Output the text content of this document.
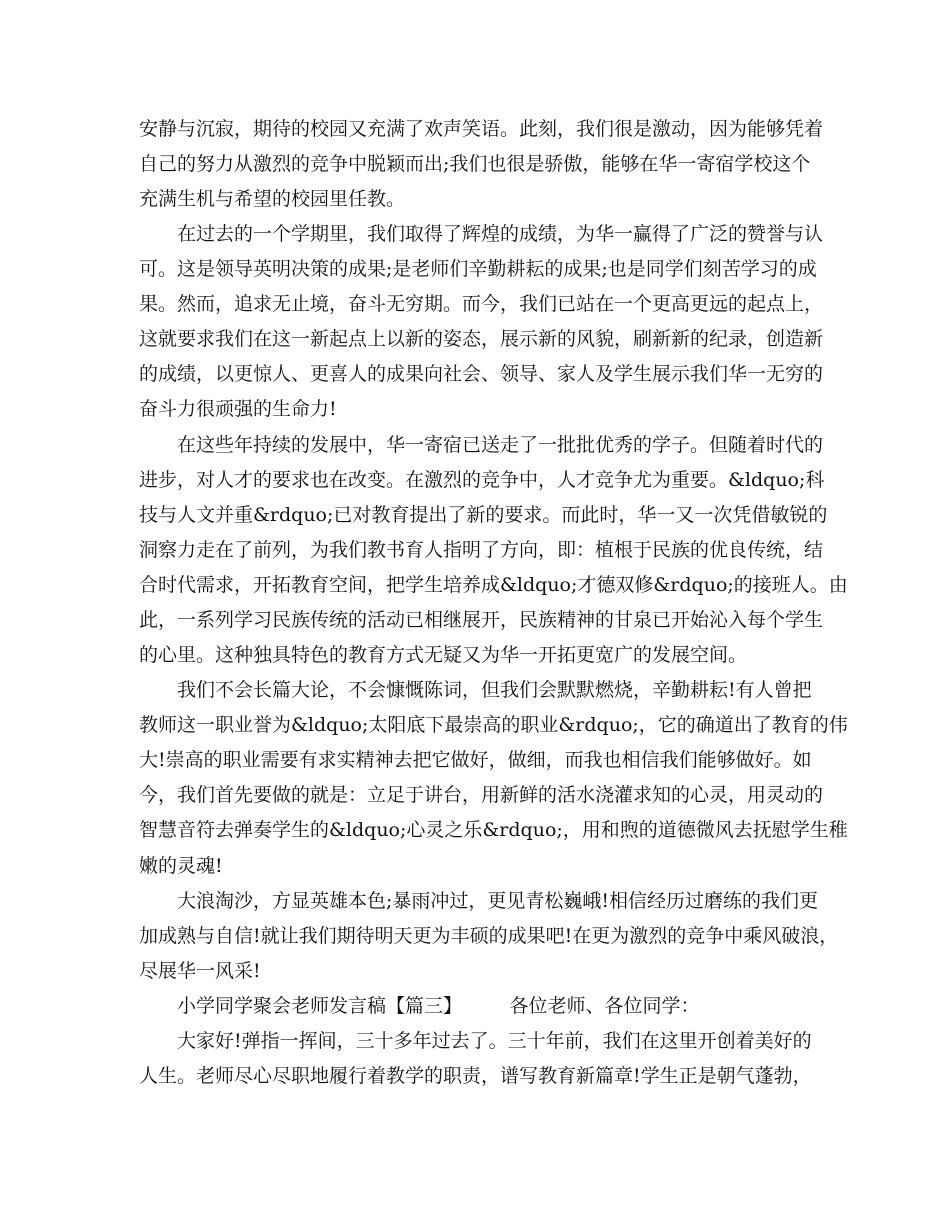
安静与沉寂，期待的校园又充满了欢声笑语。此刻，我们很是激动，因为能够凭着
自己的努力从激烈的竞争中脱颖而出;我们也很是骄傲，能够在华一寄宿学校这个
充满生机与希望的校园里任教。
在过去的一个学期里，我们取得了辉煌的成绩，为华一赢得了广泛的赞誉与认
可。这是领导英明决策的成果;是老师们辛勤耕耘的成果;也是同学们刻苦学习的成
果。然而，追求无止境，奋斗无穷期。而今，我们已站在一个更高更远的起点上，
这就要求我们在这一新起点上以新的姿态，展示新的风貌，刷新新的纪录，创造新
的成绩，以更惊人、更喜人的成果向社会、领导、家人及学生展示我们华一无穷的
奋斗力很顽强的生命力!
在这些年持续的发展中，华一寄宿已送走了一批批优秀的学子。但随着时代的
进步，对人才的要求也在改变。在激烈的竞争中，人才竞争尤为重要。&ldquo;科
技与人文并重&rdquo;已对教育提出了新的要求。而此时，华一又一次凭借敏锐的
洞察力走在了前列，为我们教书育人指明了方向，即：植根于民族的优良传统，结
合时代需求，开拓教育空间，把学生培养成&ldquo;才德双修&rdquo;的接班人。由
此，一系列学习民族传统的活动已相继展开，民族精神的甘泉已开始沁入每个学生
的心里。这种独具特色的教育方式无疑又为华一开拓更宽广的发展空间。
我们不会长篇大论，不会慷慨陈词，但我们会默默燃烧，辛勤耕耘!有人曾把
教师这一职业誉为&ldquo;太阳底下最崇高的职业&rdquo;，它的确道出了教育的伟
大!崇高的职业需要有求实精神去把它做好，做细，而我也相信我们能够做好。如
今，我们首先要做的就是：立足于讲台，用新鲜的活水浇灌求知的心灵，用灵动的
智慧音符去弹奏学生的&ldquo;心灵之乐&rdquo;，用和煦的道德微风去抚慰学生稚
嫩的灵魂!
大浪淘沙，方显英雄本色;暴雨冲过，更见青松巍峨!相信经历过磨练的我们更
加成熟与自信!就让我们期待明天更为丰硕的成果吧!在更为激烈的竞争中乘风破浪，
尽展华一风采!
小学同学聚会老师发言稿【篇三】　　　各位老师、各位同学：
大家好!弹指一挥间，三十多年过去了。三十年前，我们在这里开创着美好的
人生。老师尽心尽职地履行着教学的职责，谱写教育新篇章!学生正是朝气蓬勃，
